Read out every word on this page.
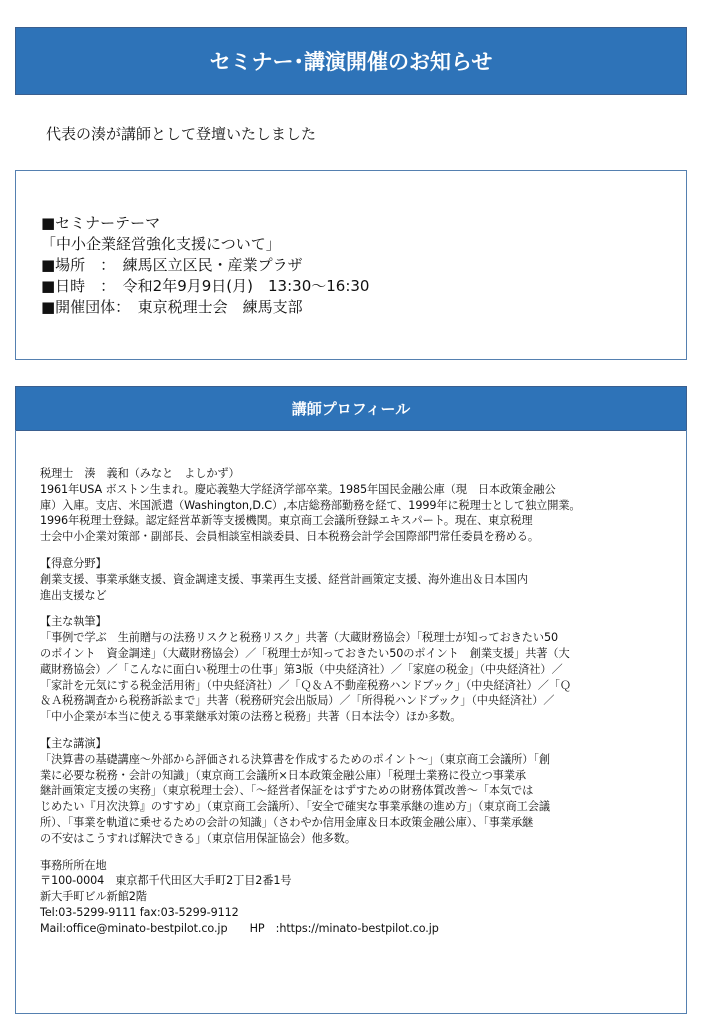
セミナー･講演開催のお知らせ
代表の湊が講師として登壇いたしました
■セミナーテーマ
「中小企業経営強化支援について」
■場所　：　練馬区立区民・産業プラザ
■日時　：　令和2年9月9日(月)　13:30～16:30
■開催団体：　東京税理士会　練馬支部
講師プロフィール
税理士　湊　義和（みなと　よしかず）
1961年USA ボストン生まれ。慶応義塾大学経済学部卒業。1985年国民金融公庫（現　日本政策金融公
庫）入庫。支店、米国派遣（Washington,D.C）,本店総務部勤務を経て、1999年に税理士として独立開業。
1996年税理士登録。認定経営革新等支援機関。東京商工会議所登録エキスパート。現在、東京税理
士会中小企業対策部・副部長、会員相談室相談委員、日本税務会計学会国際部門常任委員を務める。
【得意分野】
創業支援、事業承継支援、資金調達支援、事業再生支援、経営計画策定支援、海外進出＆日本国内
進出支援など
【主な執筆】
「事例で学ぶ　生前贈与の法務リスクと税務リスク」共著（大蔵財務協会）「税理士が知っておきたい50
のポイント　資金調達」（大蔵財務協会）／「税理士が知っておきたい50のポイント　創業支援」共著（大
蔵財務協会）／「こんなに面白い税理士の仕事」第3版（中央経済社）／「家庭の税金」（中央経済社）／
「家計を元気にする税金活用術」（中央経済社）／「Ｑ＆Ａ不動産税務ハンドブック」（中央経済社）／「Ｑ
＆Ａ税務調査から税務訴訟まで」共著（税務研究会出版局）／「所得税ハンドブック」（中央経済社）／
「中小企業が本当に使える事業継承対策の法務と税務」共著（日本法令）ほか多数。
【主な講演】
「決算書の基礎講座～外部から評価される決算書を作成するためのポイント～」（東京商工会議所）「創
業に必要な税務・会計の知識」（東京商工会議所×日本政策金融公庫）「税理士業務に役立つ事業承
継計画策定支援の実務」（東京税理士会）、「～経営者保証をはずすための財務体質改善～「本気では
じめたい『月次決算』のすすめ」（東京商工会議所）、「安全で確実な事業承継の進め方」（東京商工会議
所）、「事業を軌道に乗せるための会計の知識」（さわやか信用金庫＆日本政策金融公庫）、「事業承継
の不安はこうすれば解決できる」（東京信用保証協会）他多数。
事務所所在地
〒100-0004　東京都千代田区大手町2丁目2番1号
新大手町ビル新館2階
Tel:03-5299-9111 fax:03-5299-9112
Mail:office@minato-bestpilot.co.jp　　HP　:https://minato-bestpilot.co.jp
